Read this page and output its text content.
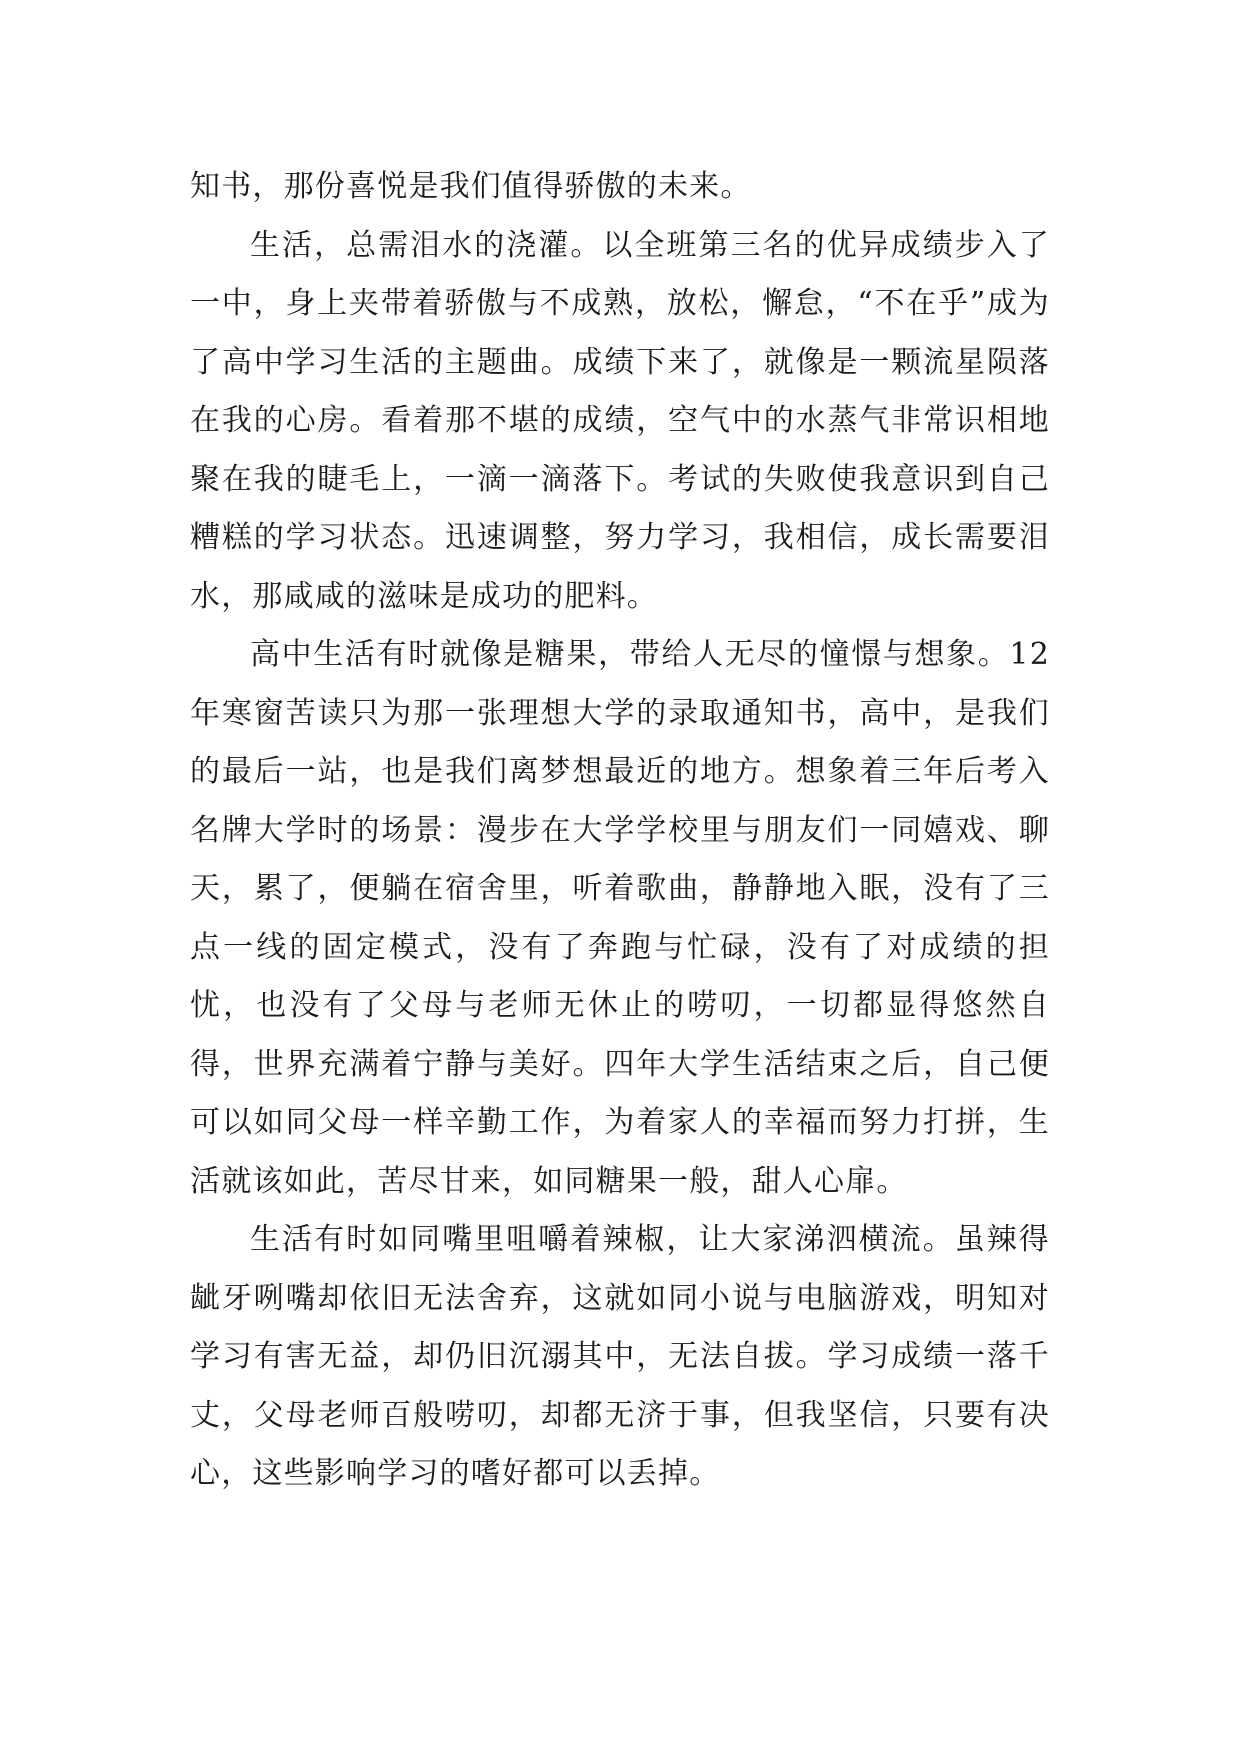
知书，那份喜悦是我们值得骄傲的未来。

生活，总需泪水的浇灌。以全班第三名的优异成绩步入了一中，身上夹带着骄傲与不成熟，放松，懈怠，“不在乎”成为了高中学习生活的主题曲。成绩下来了，就像是一颗流星陨落在我的心房。看着那不堪的成绩，空气中的水蒸气非常识相地聚在我的睫毛上，一滴一滴落下。考试的失败使我意识到自己糟糕的学习状态。迅速调整，努力学习，我相信，成长需要泪水，那咸咸的滋味是成功的肥料。

高中生活有时就像是糖果，带给人无尽的憧憬与想象。12年寒窗苦读只为那一张理想大学的录取通知书，高中，是我们的最后一站，也是我们离梦想最近的地方。想象着三年后考入名牌大学时的场景：漫步在大学学校里与朋友们一同嬉戏、聊天，累了，便躺在宿舍里，听着歌曲，静静地入眠，没有了三点一线的固定模式，没有了奔跑与忙碌，没有了对成绩的担忧，也没有了父母与老师无休止的唠叨，一切都显得悠然自得，世界充满着宁静与美好。四年大学生活结束之后，自己便可以如同父母一样辛勤工作，为着家人的幸福而努力打拼，生活就该如此，苦尽甘来，如同糖果一般，甜人心扉。

生活有时如同嘴里咀嚼着辣椒，让大家涕泗横流。虽辣得龇牙咧嘴却依旧无法舍弃，这就如同小说与电脑游戏，明知对学习有害无益，却仍旧沉溺其中，无法自拔。学习成绩一落千丈，父母老师百般唠叨，却都无济于事，但我坚信，只要有决心，这些影响学习的嗜好都可以丢掉。
